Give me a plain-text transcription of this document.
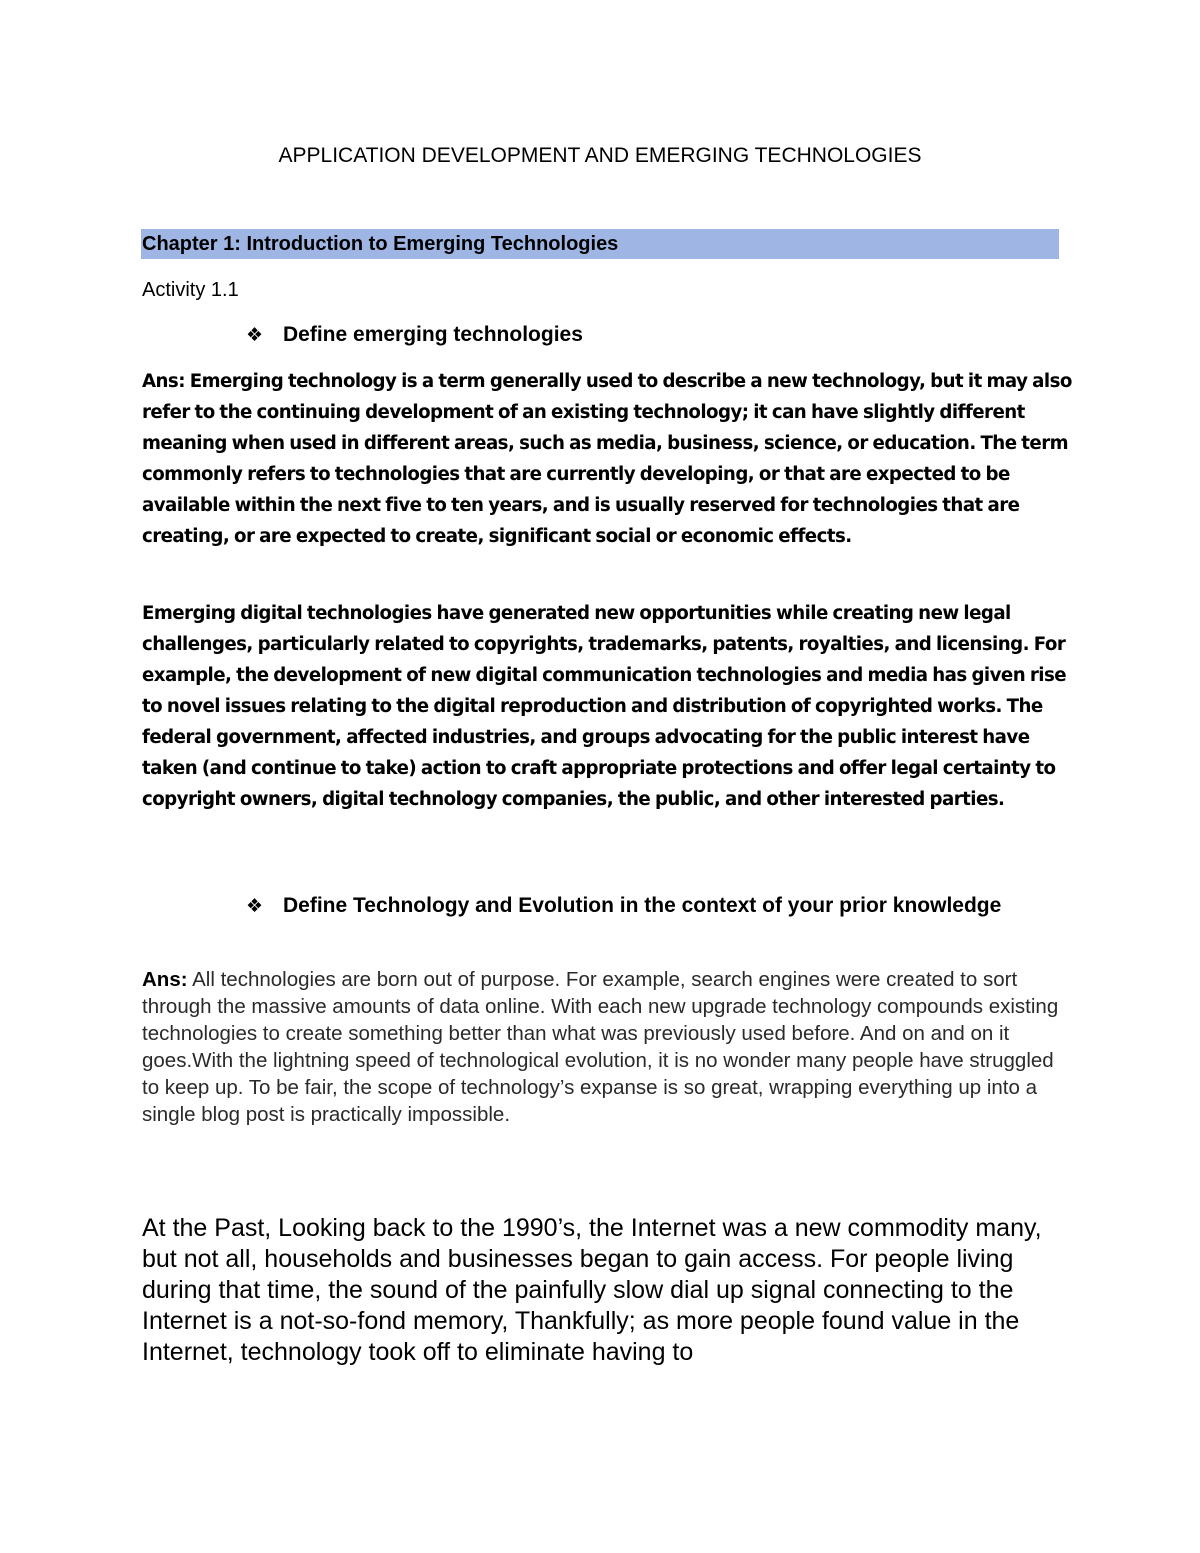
APPLICATION DEVELOPMENT AND EMERGING TECHNOLOGIES
Chapter 1: Introduction to Emerging Technologies
Activity 1.1
❖ Define emerging technologies
Ans: Emerging technology is a term generally used to describe a new technology, but it may also refer to the continuing development of an existing technology; it can have slightly different meaning when used in different areas, such as media, business, science, or education. The term commonly refers to technologies that are currently developing, or that are expected to be available within the next five to ten years, and is usually reserved for technologies that are creating, or are expected to create, significant social or economic effects.
Emerging digital technologies have generated new opportunities while creating new legal challenges, particularly related to copyrights, trademarks, patents, royalties, and licensing. For example, the development of new digital communication technologies and media has given rise to novel issues relating to the digital reproduction and distribution of copyrighted works. The federal government, affected industries, and groups advocating for the public interest have taken (and continue to take) action to craft appropriate protections and offer legal certainty to copyright owners, digital technology companies, the public, and other interested parties.
❖ Define Technology and Evolution in the context of your prior knowledge
Ans: All technologies are born out of purpose. For example, search engines were created to sort through the massive amounts of data online. With each new upgrade technology compounds existing technologies to create something better than what was previously used before. And on and on it goes.With the lightning speed of technological evolution, it is no wonder many people have struggled to keep up. To be fair, the scope of technology’s expanse is so great, wrapping everything up into a single blog post is practically impossible.
At the Past, Looking back to the 1990’s, the Internet was a new commodity many, but not all, households and businesses began to gain access. For people living during that time, the sound of the painfully slow dial up signal connecting to the Internet is a not-so-fond memory, Thankfully; as more people found value in the Internet, technology took off to eliminate having to
